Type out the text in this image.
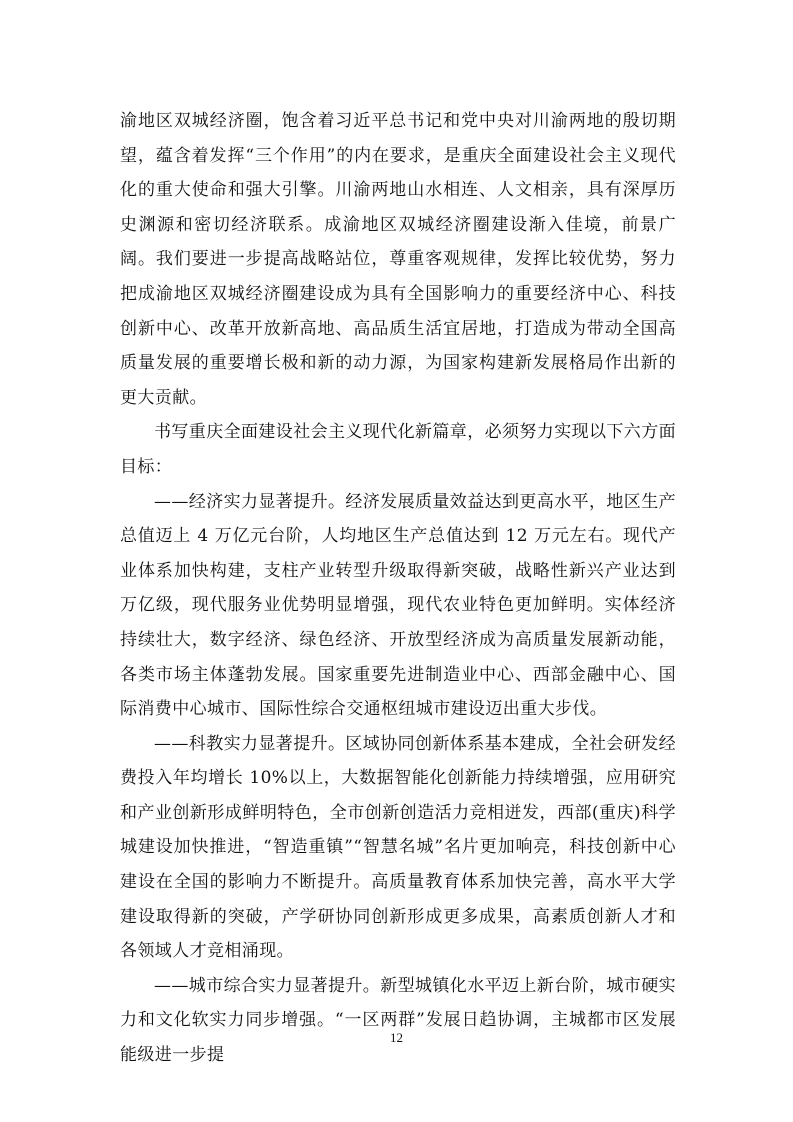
渝地区双城经济圈，饱含着习近平总书记和党中央对川渝两地的殷切期望，蕴含着发挥“三个作用”的内在要求，是重庆全面建设社会主义现代化的重大使命和强大引擎。川渝两地山水相连、人文相亲，具有深厚历史渊源和密切经济联系。成渝地区双城经济圈建设渐入佳境，前景广阔。我们要进一步提高战略站位，尊重客观规律，发挥比较优势，努力把成渝地区双城经济圈建设成为具有全国影响力的重要经济中心、科技创新中心、改革开放新高地、高品质生活宜居地，打造成为带动全国高质量发展的重要增长极和新的动力源，为国家构建新发展格局作出新的更大贡献。

书写重庆全面建设社会主义现代化新篇章，必须努力实现以下六方面目标：

——经济实力显著提升。经济发展质量效益达到更高水平，地区生产总值迈上 4 万亿元台阶，人均地区生产总值达到 12 万元左右。现代产业体系加快构建，支柱产业转型升级取得新突破，战略性新兴产业达到万亿级，现代服务业优势明显增强，现代农业特色更加鲜明。实体经济持续壮大，数字经济、绿色经济、开放型经济成为高质量发展新动能，各类市场主体蓬勃发展。国家重要先进制造业中心、西部金融中心、国际消费中心城市、国际性综合交通枢纽城市建设迈出重大步伐。

——科教实力显著提升。区域协同创新体系基本建成，全社会研发经费投入年均增长 10%以上，大数据智能化创新能力持续增强，应用研究和产业创新形成鲜明特色，全市创新创造活力竞相迸发，西部(重庆)科学城建设加快推进，“智造重镇”“智慧名城”名片更加响亮，科技创新中心建设在全国的影响力不断提升。高质量教育体系加快完善，高水平大学建设取得新的突破，产学研协同创新形成更多成果，高素质创新人才和各领域人才竞相涌现。

——城市综合实力显著提升。新型城镇化水平迈上新台阶，城市硬实力和文化软实力同步增强。“一区两群”发展日趋协调，主城都市区发展能级进一步提

12
